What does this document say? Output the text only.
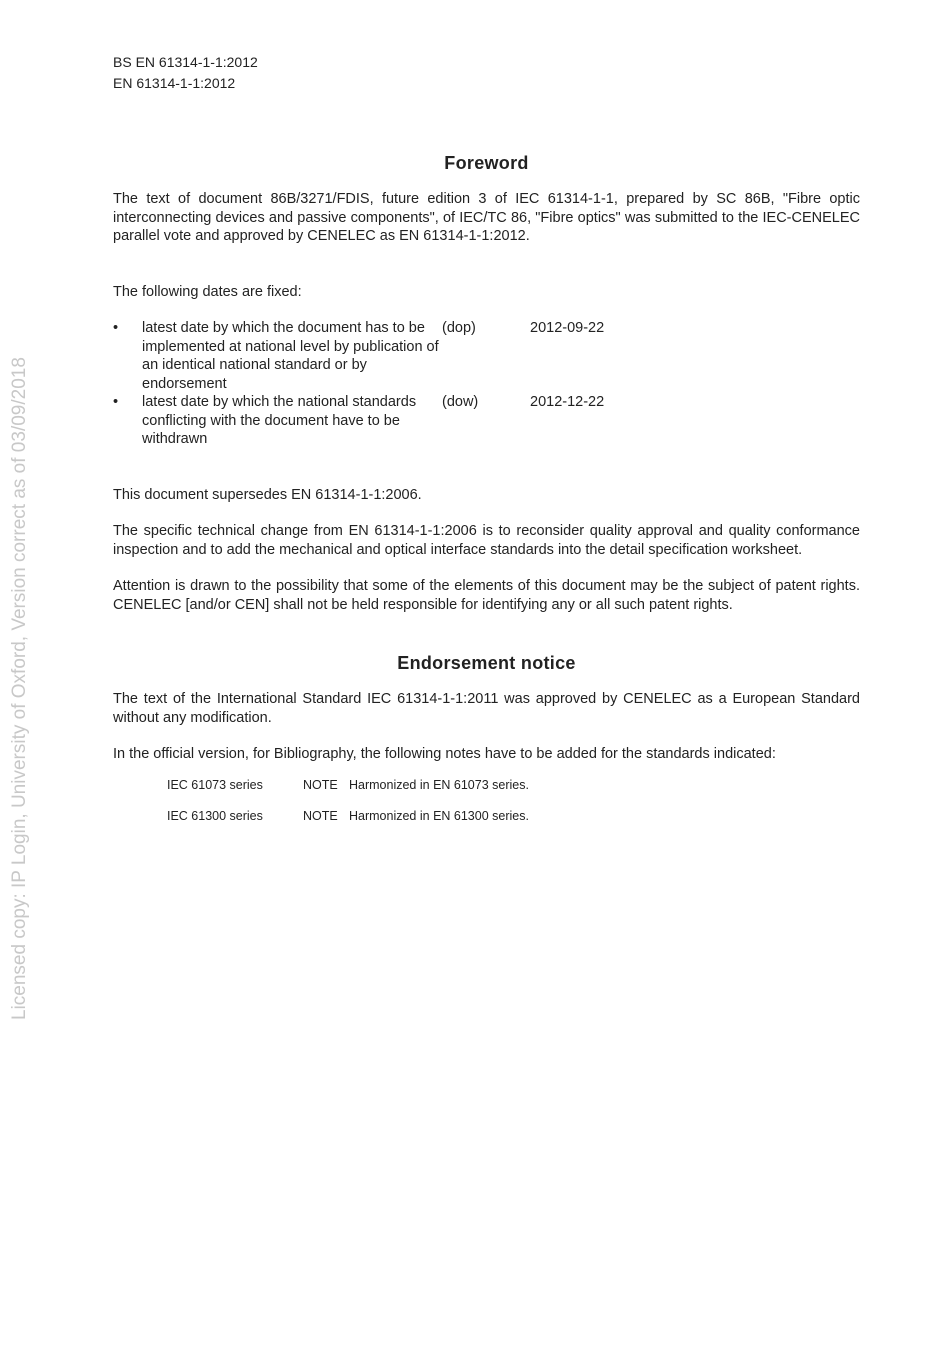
Licensed copy: IP Login, University of Oxford, Version correct as of 03/09/2018
BS EN 61314-1-1:2012
EN 61314-1-1:2012
Foreword

The text of document 86B/3271/FDIS, future edition 3 of IEC 61314-1-1, prepared by SC 86B, "Fibre optic interconnecting devices and passive components", of IEC/TC 86, "Fibre optics" was submitted to the IEC-CENELEC parallel vote and approved by CENELEC as EN 61314-1-1:2012.

The following dates are fixed:

•	latest date by which the document has to be implemented at national level by publication of an identical national standard or by endorsement	(dop)	2012-09-22
•	latest date by which the national standards conflicting with the document have to be withdrawn	(dow)	2012-12-22

This document supersedes EN 61314-1-1:2006.

The specific technical change from EN 61314-1-1:2006 is to reconsider quality approval and quality conformance inspection and to add the mechanical and optical interface standards into the detail specification worksheet.

Attention is drawn to the possibility that some of the elements of this document may be the subject of patent rights. CENELEC [and/or CEN] shall not be held responsible for identifying any or all such patent rights.

Endorsement notice

The text of the International Standard IEC 61314-1-1:2011 was approved by CENELEC as a European Standard without any modification.

In the official version, for Bibliography, the following notes have to be added for the standards indicated:

IEC 61073 series	NOTE	Harmonized in EN 61073 series.
IEC 61300 series	NOTE	Harmonized in EN 61300 series.
